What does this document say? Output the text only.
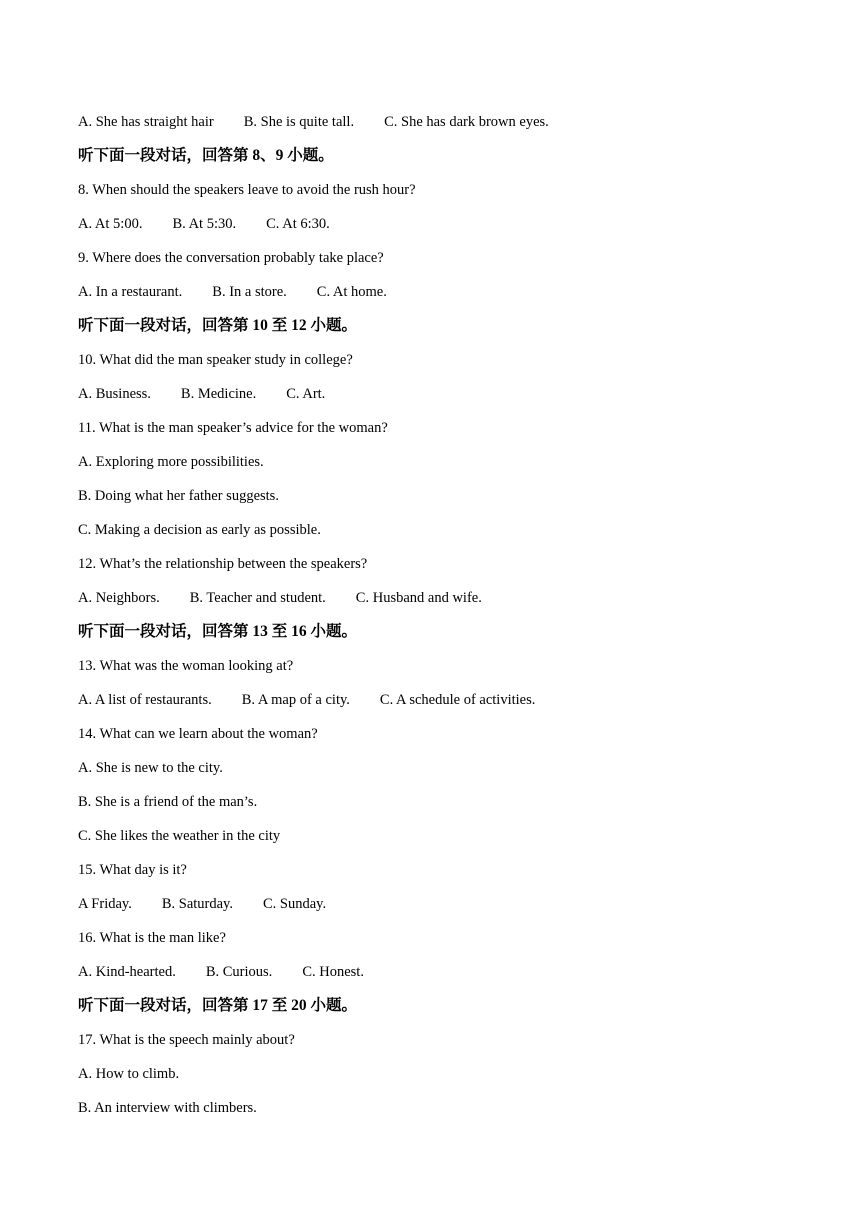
A. She has straight hair B. She is quite tall. C. She has dark brown eyes.
听下面一段对话，回答第 8、9 小题。
8. When should the speakers leave to avoid the rush hour?
A. At 5:00. B. At 5:30. C. At 6:30.
9. Where does the conversation probably take place?
A. In a restaurant. B. In a store. C. At home.
听下面一段对话，回答第 10 至 12 小题。
10. What did the man speaker study in college?
A. Business. B. Medicine. C. Art.
11. What is the man speaker’s advice for the woman?
A. Exploring more possibilities.
B. Doing what her father suggests.
C. Making a decision as early as possible.
12. What’s the relationship between the speakers?
A. Neighbors. B. Teacher and student. C. Husband and wife.
听下面一段对话，回答第 13 至 16 小题。
13. What was the woman looking at?
A. A list of restaurants. B. A map of a city. C. A schedule of activities.
14. What can we learn about the woman?
A. She is new to the city.
B. She is a friend of the man’s.
C. She likes the weather in the city
15. What day is it?
A Friday. B. Saturday. C. Sunday.
16. What is the man like?
A. Kind-hearted. B. Curious. C. Honest.
听下面一段对话，回答第 17 至 20 小题。
17. What is the speech mainly about?
A. How to climb.
B. An interview with climbers.
